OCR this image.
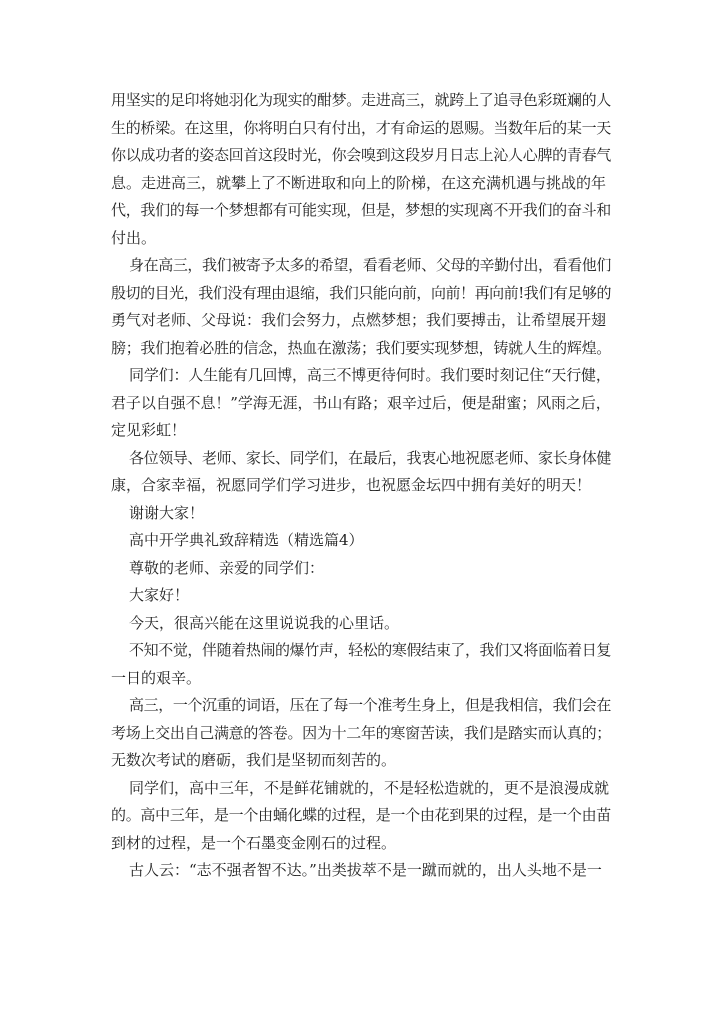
用坚实的足印将她羽化为现实的酣梦。走进高三，就跨上了追寻色彩斑斓的人
生的桥梁。在这里，你将明白只有付出，才有命运的恩赐。当数年后的某一天
你以成功者的姿态回首这段时光，你会嗅到这段岁月日志上沁人心脾的青春气
息。走进高三，就攀上了不断进取和向上的阶梯，在这充满机遇与挑战的年
代，我们的每一个梦想都有可能实现，但是，梦想的实现离不开我们的奋斗和
付出。
身在高三，我们被寄予太多的希望，看看老师、父母的辛勤付出，看看他们
殷切的目光，我们没有理由退缩，我们只能向前，向前！再向前!我们有足够的
勇气对老师、父母说：我们会努力，点燃梦想；我们要搏击，让希望展开翅
膀；我们抱着必胜的信念，热血在激荡；我们要实现梦想，铸就人生的辉煌。
同学们：人生能有几回博，高三不博更待何时。我们要时刻记住“天行健，
君子以自强不息！”学海无涯，书山有路；艰辛过后，便是甜蜜；风雨之后，
定见彩虹！
各位领导、老师、家长、同学们，在最后，我衷心地祝愿老师、家长身体健
康，合家幸福，祝愿同学们学习进步，也祝愿金坛四中拥有美好的明天！
谢谢大家！
高中开学典礼致辞精选（精选篇4）
尊敬的老师、亲爱的同学们：
大家好！
今天，很高兴能在这里说说我的心里话。
不知不觉，伴随着热闹的爆竹声，轻松的寒假结束了，我们又将面临着日复
一日的艰辛。
高三，一个沉重的词语，压在了每一个准考生身上，但是我相信，我们会在
考场上交出自己满意的答卷。因为十二年的寒窗苦读，我们是踏实而认真的；
无数次考试的磨砺，我们是坚韧而刻苦的。
同学们，高中三年，不是鲜花铺就的，不是轻松造就的，更不是浪漫成就
的。高中三年，是一个由蛹化蝶的过程，是一个由花到果的过程，是一个由苗
到材的过程，是一个石墨变金刚石的过程。
古人云：“志不强者智不达。”出类拔萃不是一蹴而就的，出人头地不是一
